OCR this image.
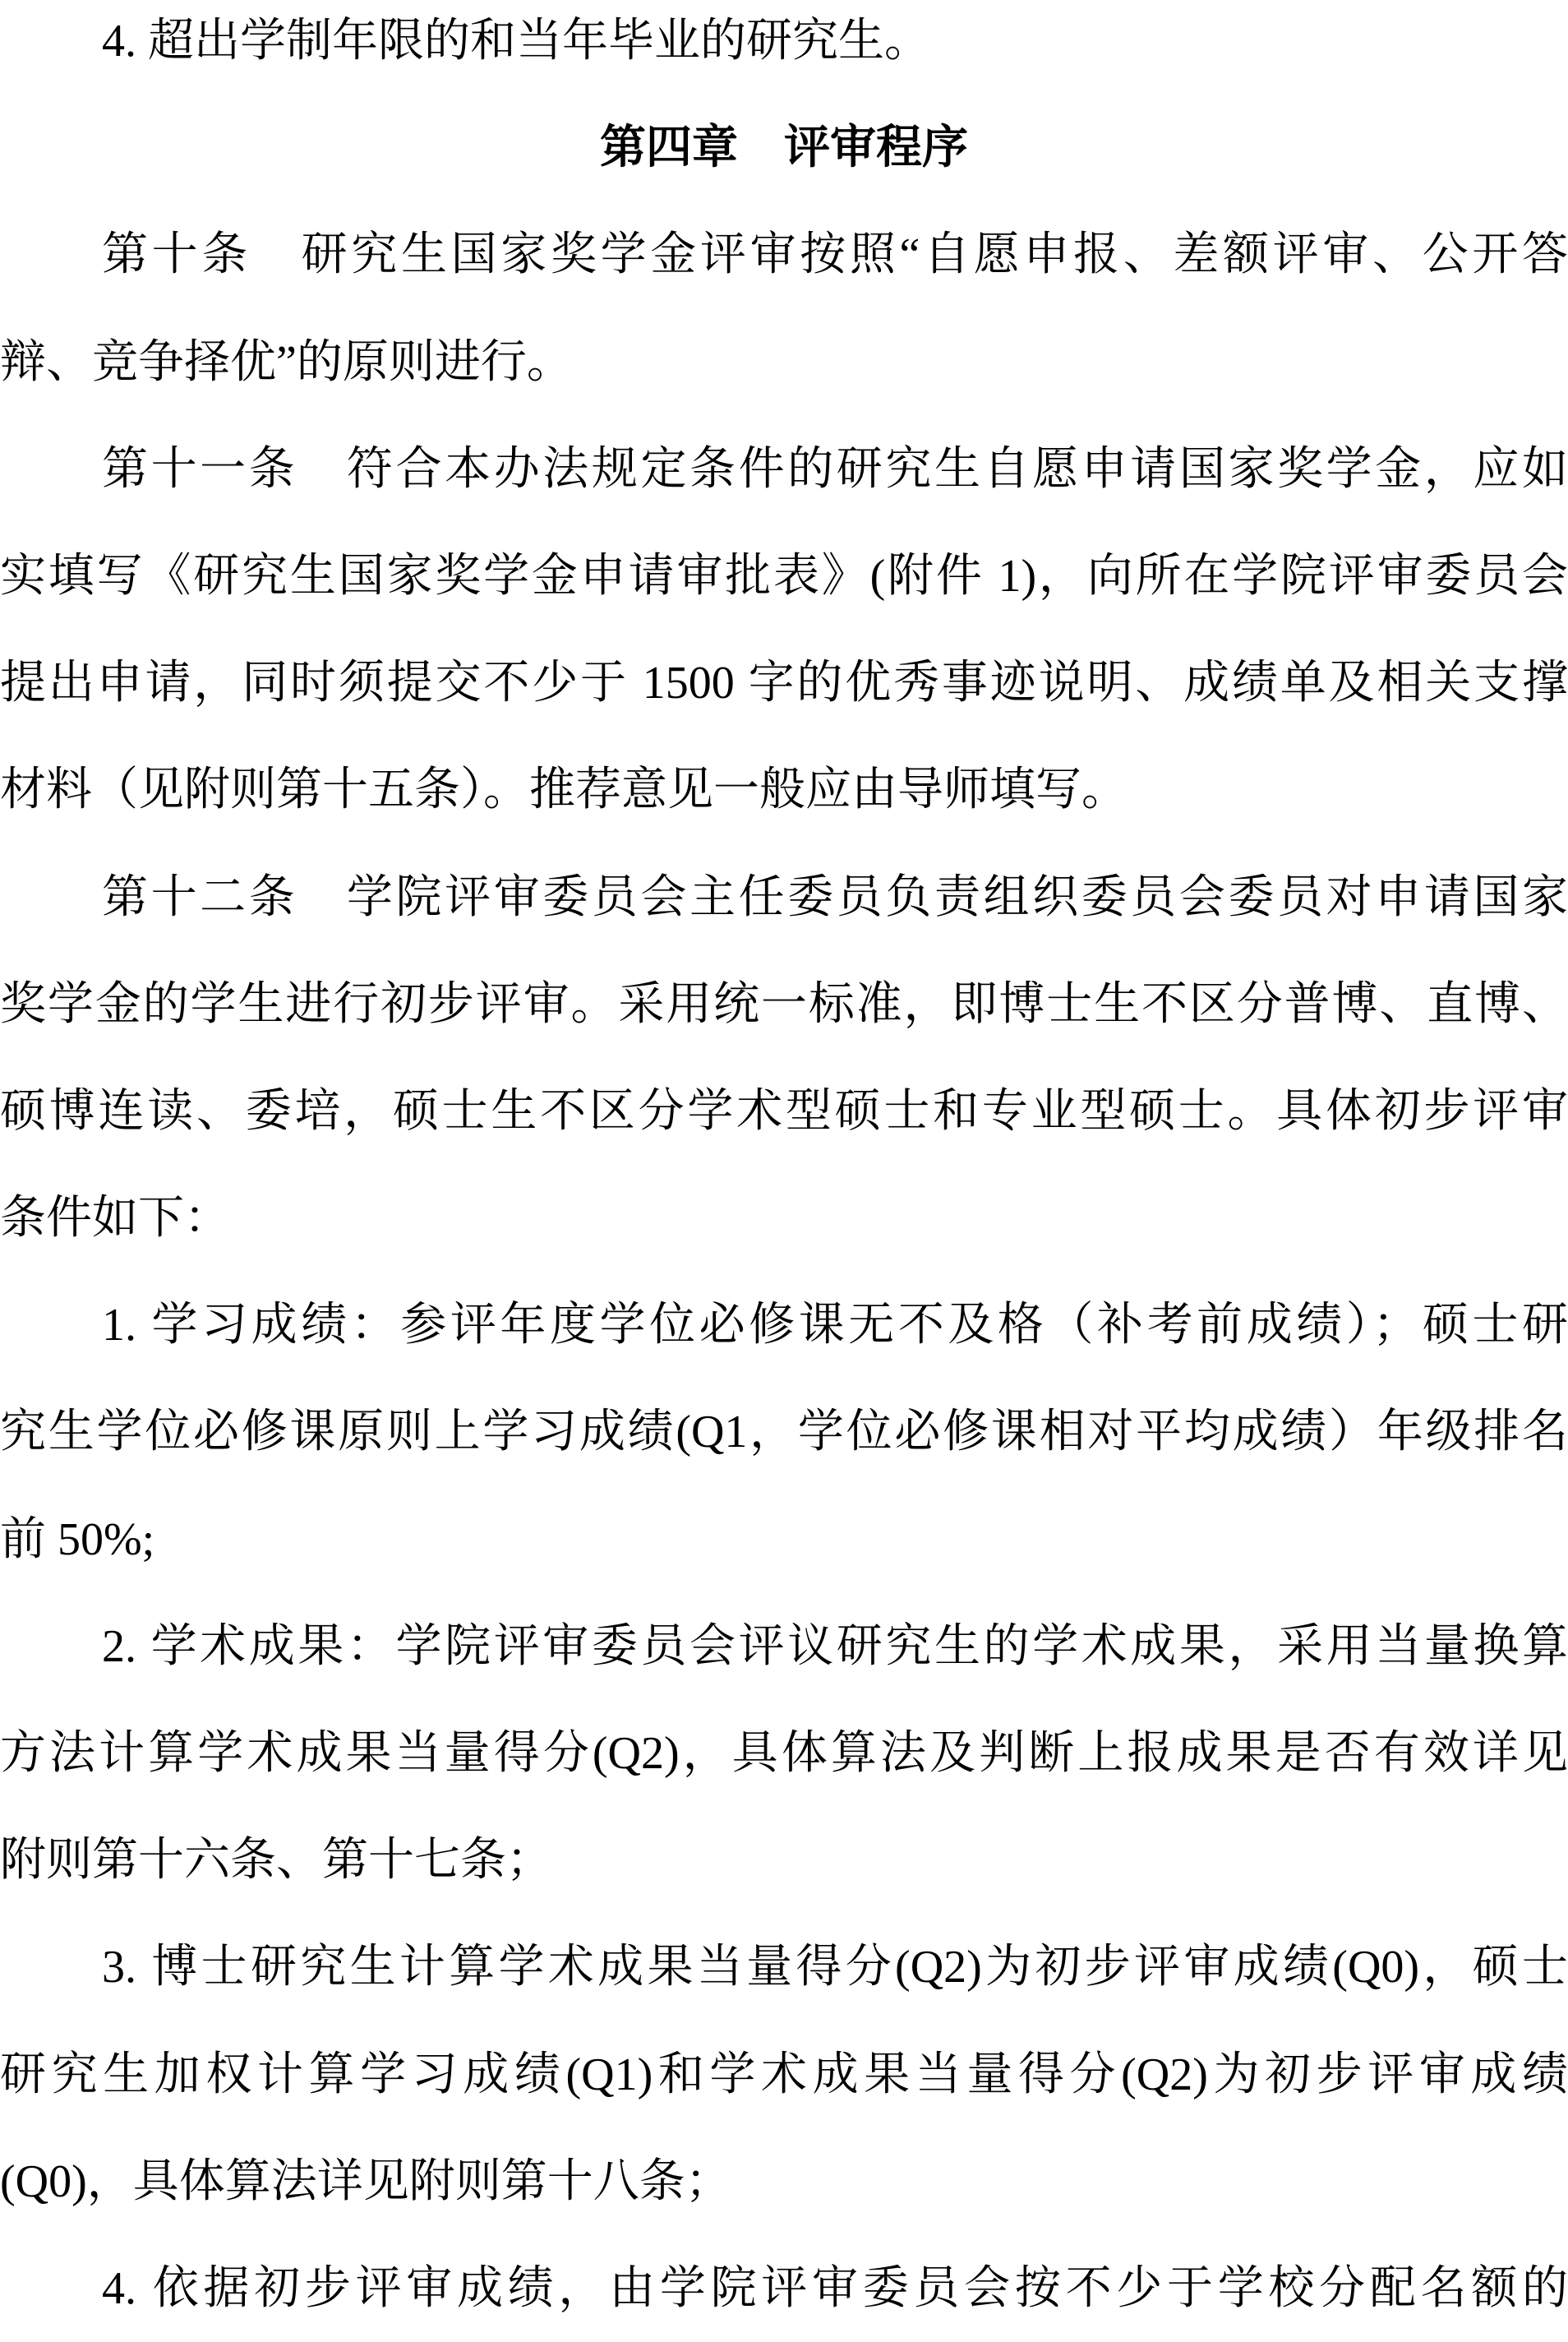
4. 超出学制年限的和当年毕业的研究生。
第四章　评审程序
第十条　研究生国家奖学金评审按照“自愿申报、差额评审、公开答
辩、竞争择优”的原则进行。
第十一条　符合本办法规定条件的研究生自愿申请国家奖学金，应如
实填写《研究生国家奖学金申请审批表》(附件 1)，向所在学院评审委员会
提出申请，同时须提交不少于 1500 字的优秀事迹说明、成绩单及相关支撑
材料（见附则第十五条）。推荐意见一般应由导师填写。
第十二条　学院评审委员会主任委员负责组织委员会委员对申请国家
奖学金的学生进行初步评审。采用统一标准，即博士生不区分普博、直博、
硕博连读、委培，硕士生不区分学术型硕士和专业型硕士。具体初步评审
条件如下：
1. 学习成绩：参评年度学位必修课无不及格（补考前成绩）；硕士研
究生学位必修课原则上学习成绩(Q1，学位必修课相对平均成绩）年级排名
前 50%;
2. 学术成果：学院评审委员会评议研究生的学术成果，采用当量换算
方法计算学术成果当量得分(Q2)，具体算法及判断上报成果是否有效详见
附则第十六条、第十七条；
3. 博士研究生计算学术成果当量得分(Q2)为初步评审成绩(Q0)，硕士
研究生加权计算学习成绩(Q1)和学术成果当量得分(Q2)为初步评审成绩
(Q0)，具体算法详见附则第十八条；
4. 依据初步评审成绩，由学院评审委员会按不少于学校分配名额的
